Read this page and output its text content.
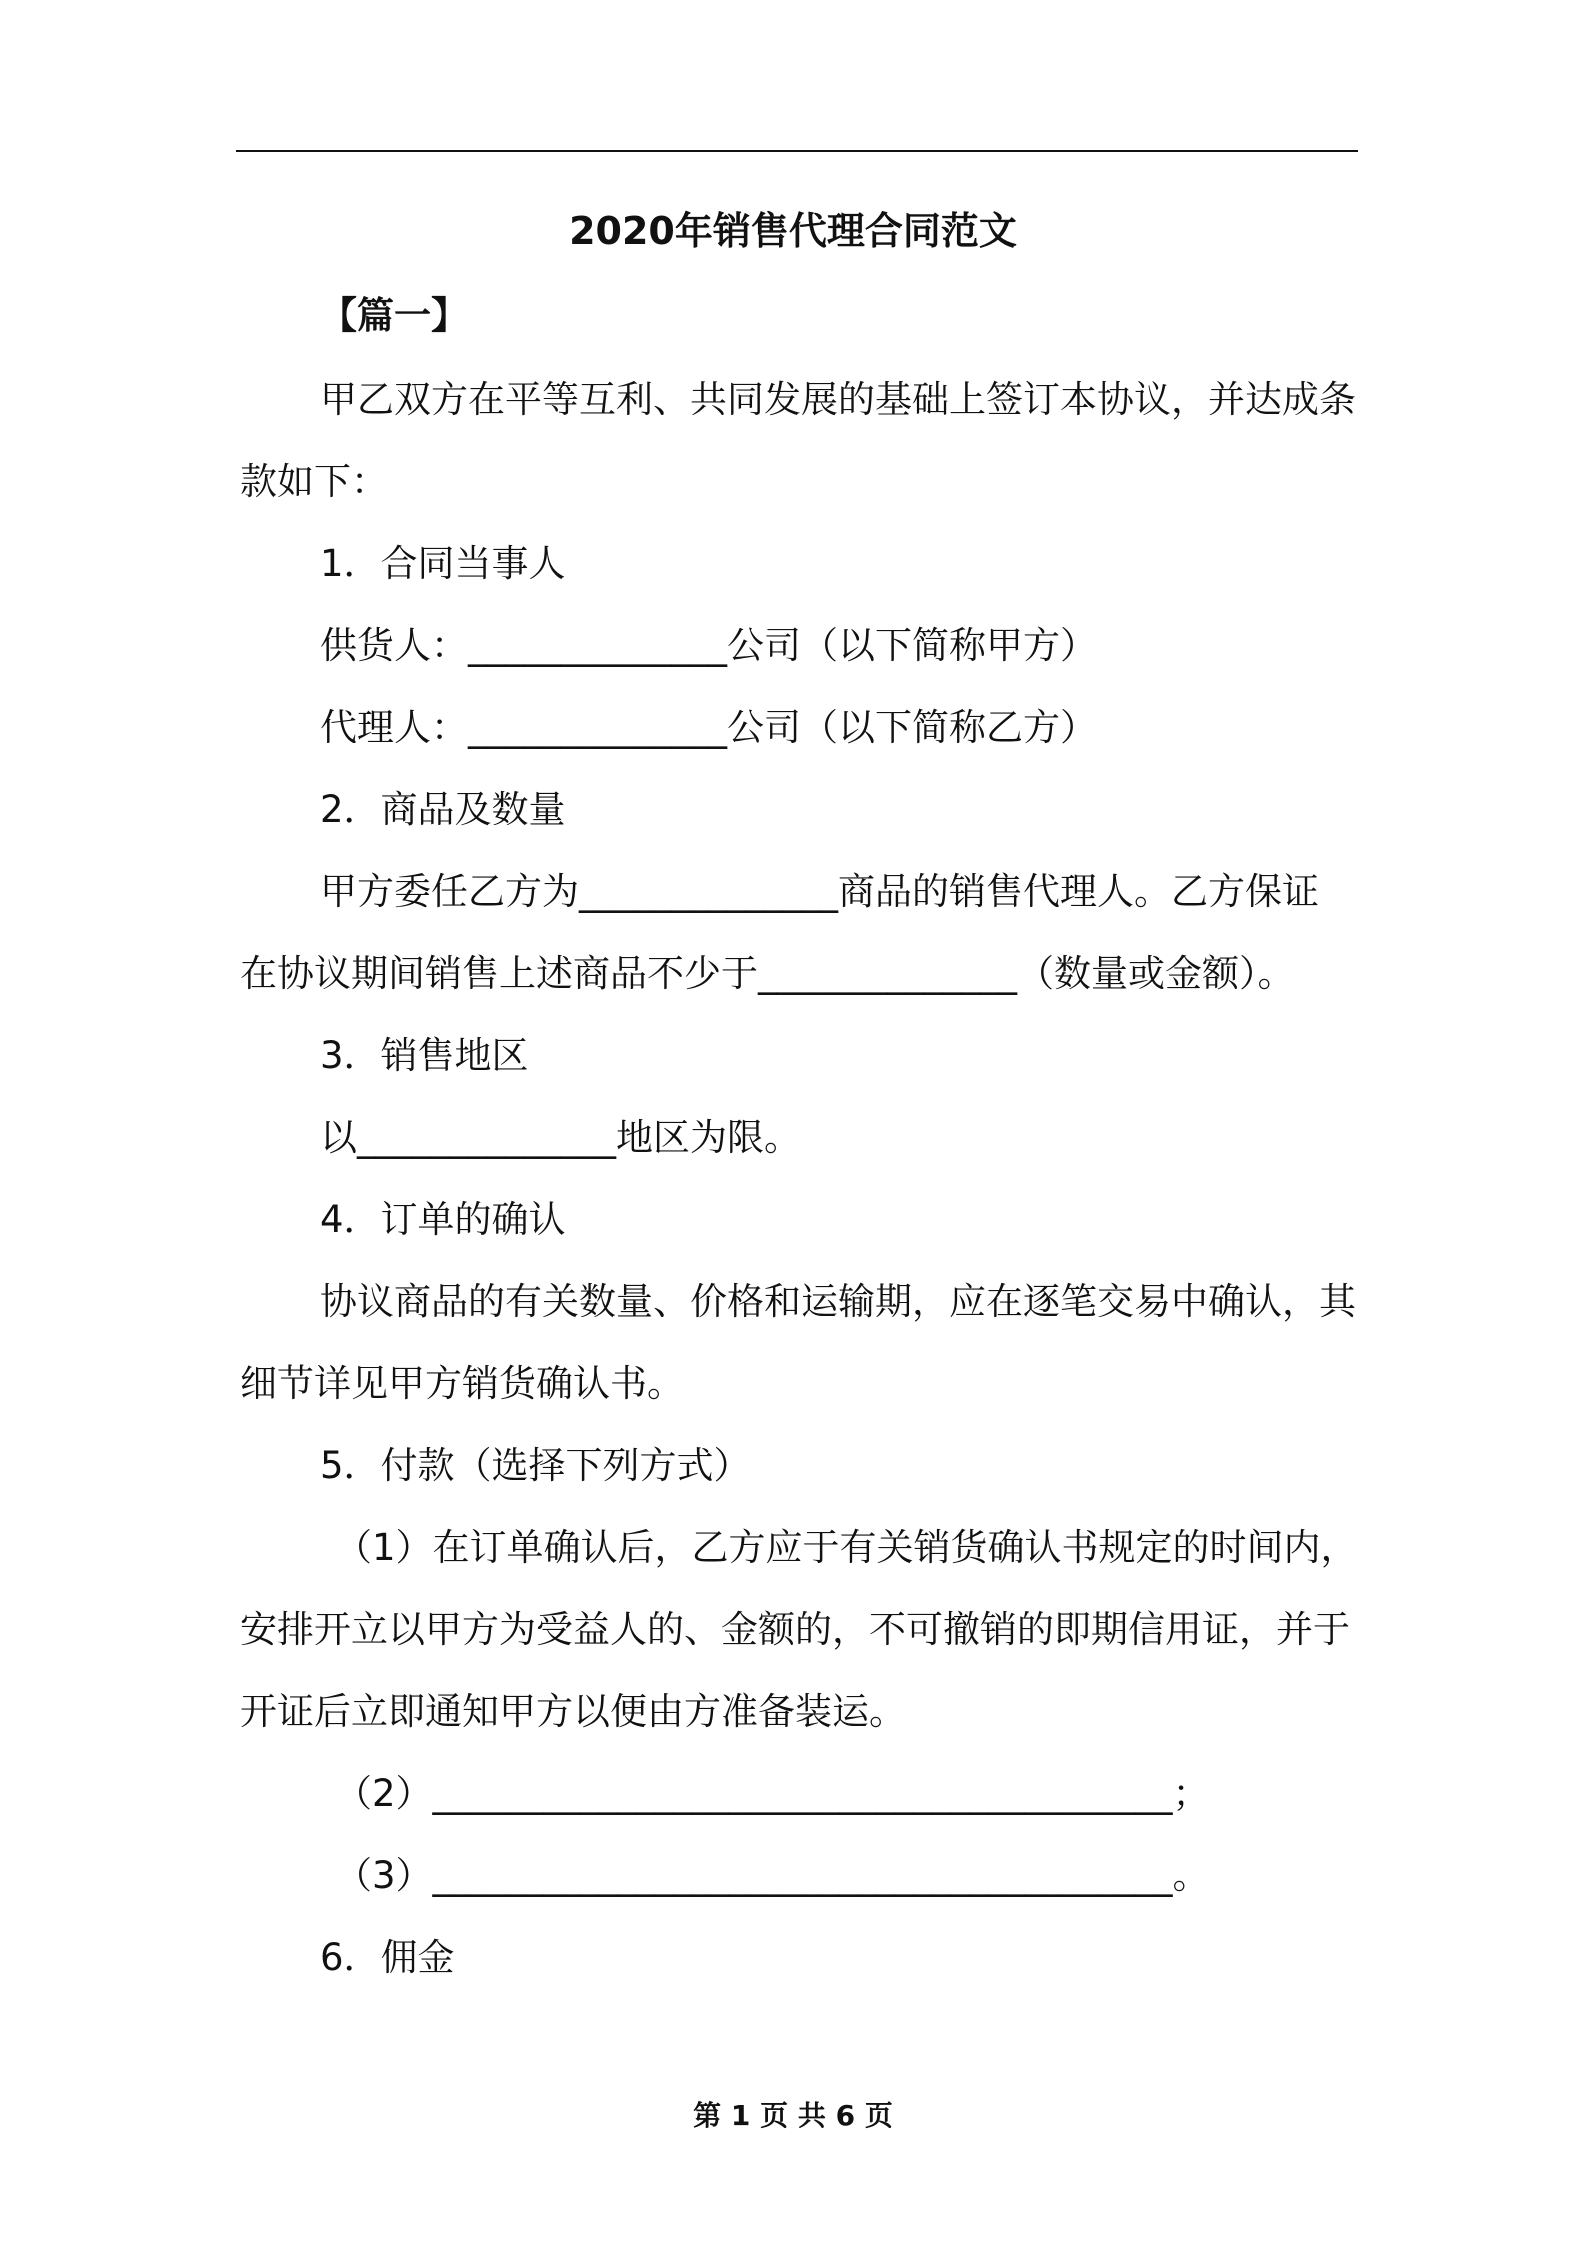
2020年销售代理合同范文
【篇一】
甲乙双方在平等互利、共同发展的基础上签订本协议，并达成条
款如下：
1．合同当事人
供货人：______________公司（以下简称甲方）
代理人：______________公司（以下简称乙方）
2．商品及数量
甲方委任乙方为______________商品的销售代理人。乙方保证
在协议期间销售上述商品不少于______________（数量或金额）。
3．销售地区
以______________地区为限。
4．订单的确认
协议商品的有关数量、价格和运输期，应在逐笔交易中确认，其
细节详见甲方销货确认书。
5．付款（选择下列方式）
（1）在订单确认后，乙方应于有关销货确认书规定的时间内，
安排开立以甲方为受益人的、金额的，不可撤销的即期信用证，并于
开证后立即通知甲方以便由方准备装运。
（2）________________________________________；
（3）________________________________________。
6．佣金
第 1 页 共 6 页
